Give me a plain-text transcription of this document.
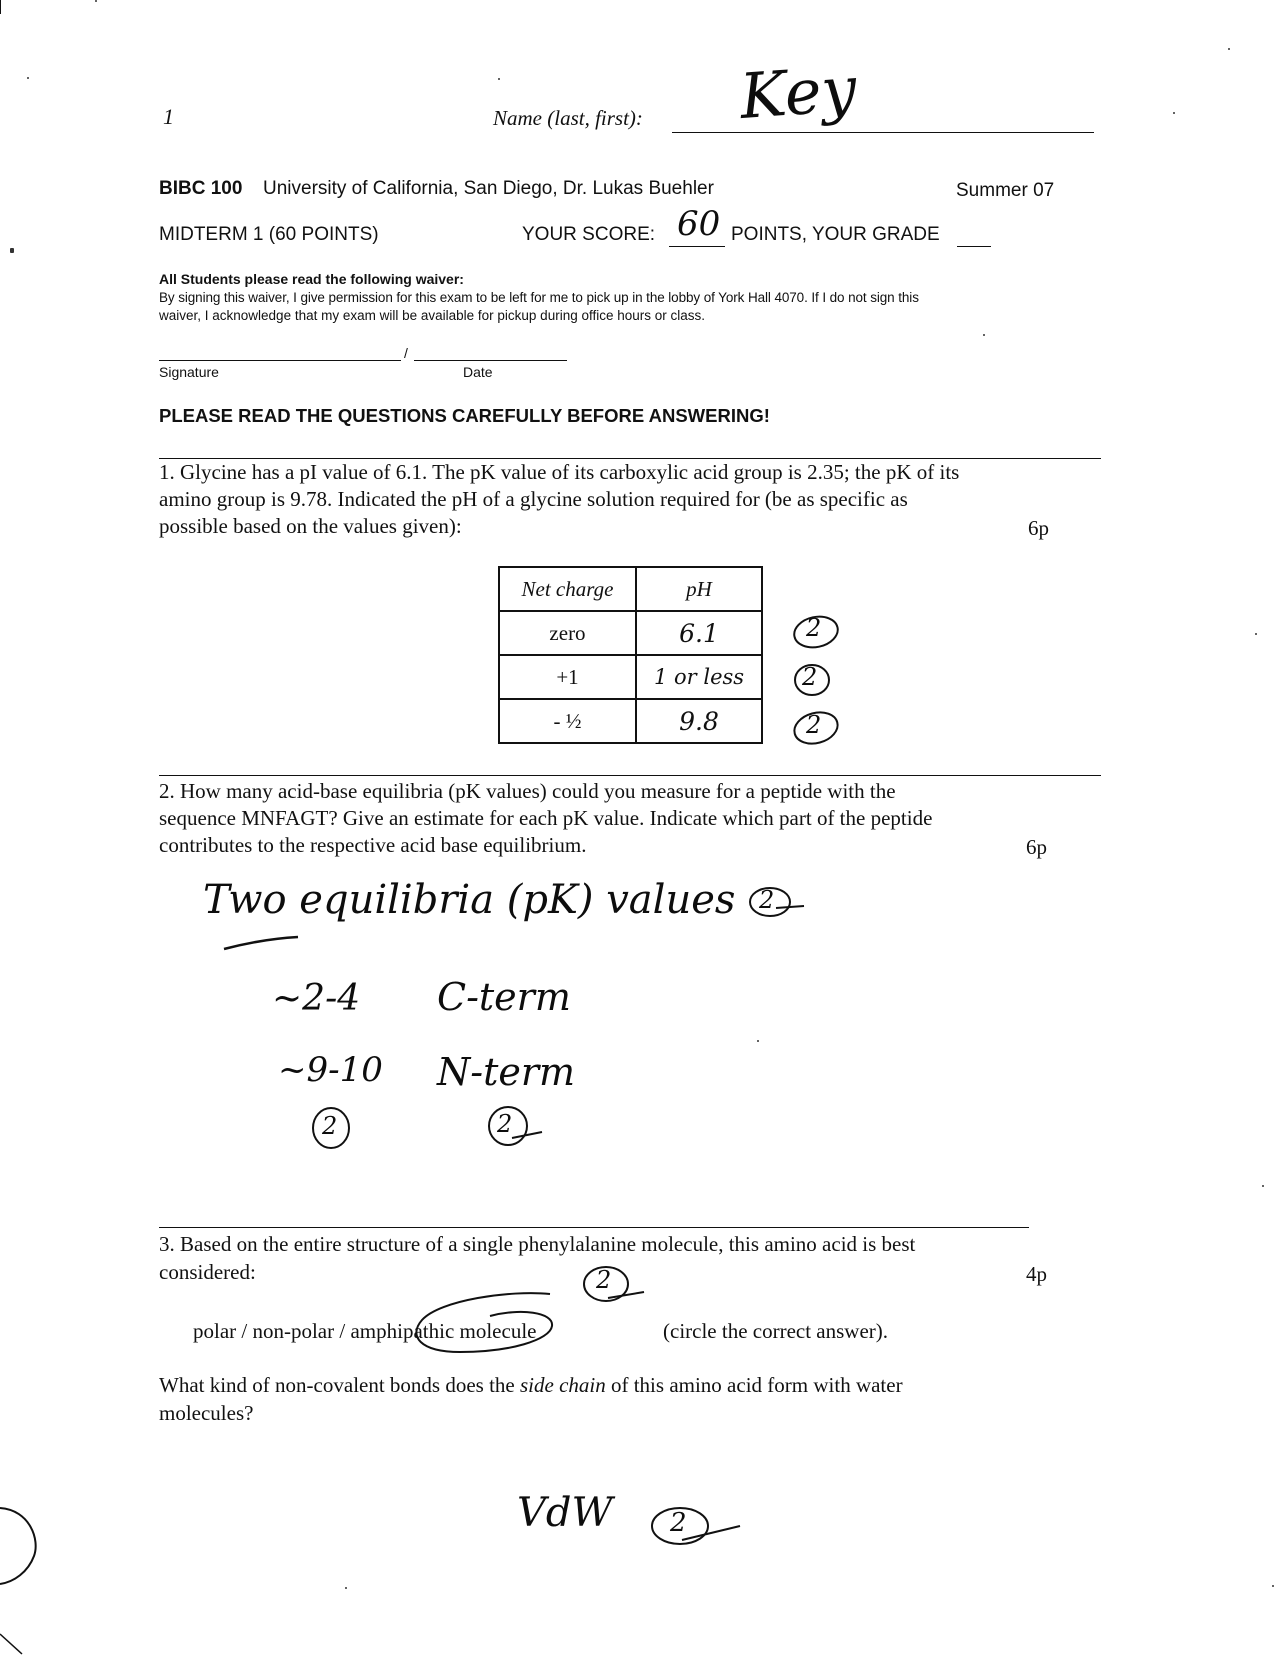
1	Name (last, first): Key
BIBC 100 University of California, San Diego, Dr. Lukas Buehler	Summer 07
MIDTERM 1 (60 POINTS)	YOUR SCORE: 60 POINTS, YOUR GRADE
All Students please read the following waiver:
By signing this waiver, I give permission for this exam to be left for me to pick up in the lobby of York Hall 4070. If I do not sign this
waiver, I acknowledge that my exam will be available for pickup during office hours or class.
/
Signature	Date
PLEASE READ THE QUESTIONS CAREFULLY BEFORE ANSWERING!
1. Glycine has a pI value of 6.1. The pK value of its carboxylic acid group is 2.35; the pK of its
amino group is 9.78. Indicated the pH of a glycine solution required for (be as specific as
possible based on the values given):	6p
Net charge	pH
zero	6.1
+1	1 or less
- ½	9.8
2
2
2
2. How many acid-base equilibria (pK values) could you measure for a peptide with the
sequence MNFAGT? Give an estimate for each pK value. Indicate which part of the peptide
contributes to the respective acid base equilibrium.	6p
Two equilibria (pK) values 2
~2-4 C-term
~9-10 N-term
2	2
3. Based on the entire structure of a single phenylalanine molecule, this amino acid is best
considered:	4p
2
polar / non-polar / amphipathic molecule	(circle the correct answer).
What kind of non-covalent bonds does the side chain of this amino acid form with water
molecules?
VdW 2
